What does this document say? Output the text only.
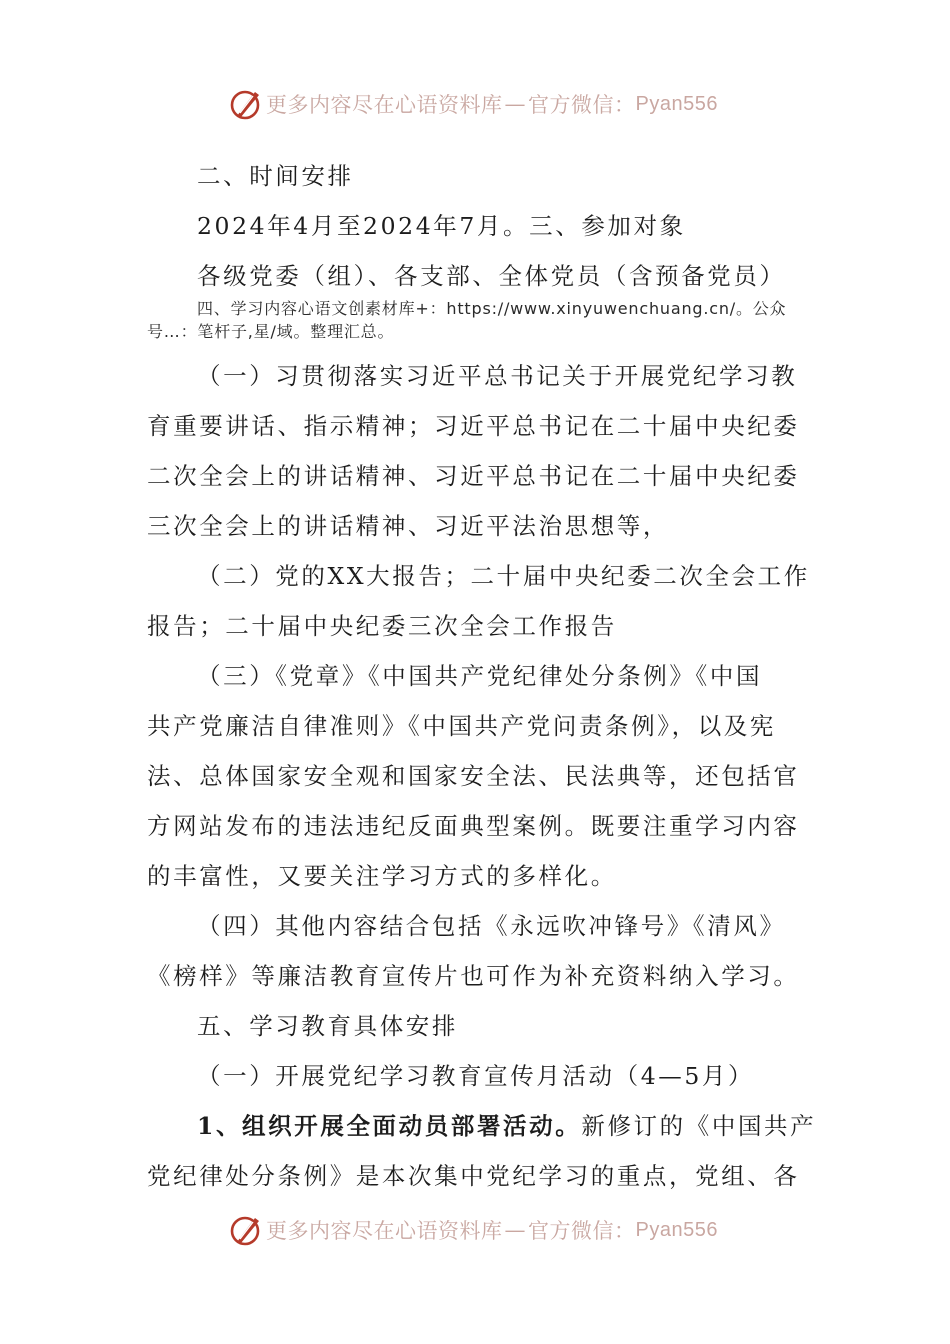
更多内容尽在心语资料库 — 官方微信： Pyan556
二、时间安排
2024年4月至2024年7月。三、参加对象
各级党委（组）、各支部、全体党员（含预备党员）
四、学习内容心语文创素材库+：https://www.xinyuwenchuang.cn/。公众
号…：笔杆子,星/域。整理汇总。
（一）习贯彻落实习近平总书记关于开展党纪学习教
育重要讲话、指示精神；习近平总书记在二十届中央纪委
二次全会上的讲话精神、习近平总书记在二十届中央纪委
三次全会上的讲话精神、习近平法治思想等，
（二）党的XX大报告；二十届中央纪委二次全会工作
报告；二十届中央纪委三次全会工作报告
（三）《党章》《中国共产党纪律处分条例》《中国
共产党廉洁自律准则》《中国共产党问责条例》，以及宪
法、总体国家安全观和国家安全法、民法典等，还包括官
方网站发布的违法违纪反面典型案例。既要注重学习内容
的丰富性，又要关注学习方式的多样化。
（四）其他内容结合包括《永远吹冲锋号》《清风》
《榜样》等廉洁教育宣传片也可作为补充资料纳入学习。
五、学习教育具体安排
（一）开展党纪学习教育宣传月活动（4—5月）
1、组织开展全面动员部署活动。新修订的《中国共产
党纪律处分条例》是本次集中党纪学习的重点，党组、各
更多内容尽在心语资料库 — 官方微信： Pyan556
